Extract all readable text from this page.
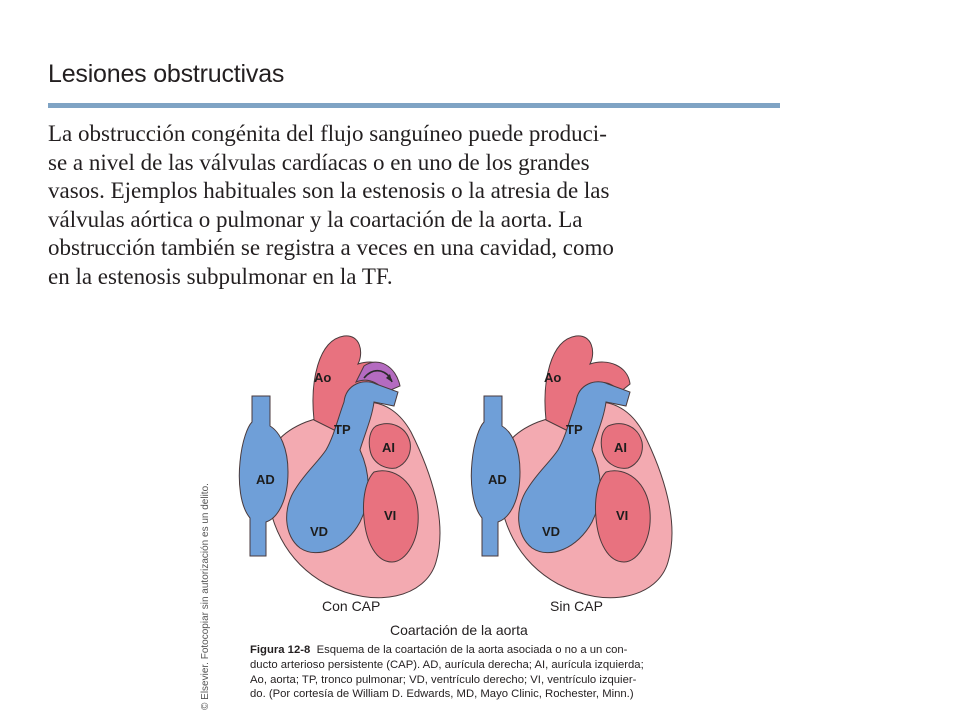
Lesiones obstructivas

La obstrucción congénita del flujo sanguíneo puede produci-
se a nivel de las válvulas cardíacas o en uno de los grandes
vasos. Ejemplos habituales son la estenosis o la atresia de las
válvulas aórtica o pulmonar y la coartación de la aorta. La
obstrucción también se registra a veces en una cavidad, como
en la estenosis subpulmonar en la TF.

© Elsevier. Fotocopiar sin autorización es un delito.
Ao
TP
AI
AD
VI
VD
Ao
TP
AI
AD
VI
VD
Con CAP	Sin CAP
Coartación de la aorta

Figura 12-8 Esquema de la coartación de la aorta asociada o no a un con-
ducto arterioso persistente (CAP). AD, aurícula derecha; AI, aurícula izquierda;
Ao, aorta; TP, tronco pulmonar; VD, ventrículo derecho; VI, ventrículo izquier-
do. (Por cortesía de William D. Edwards, MD, Mayo Clinic, Rochester, Minn.)
